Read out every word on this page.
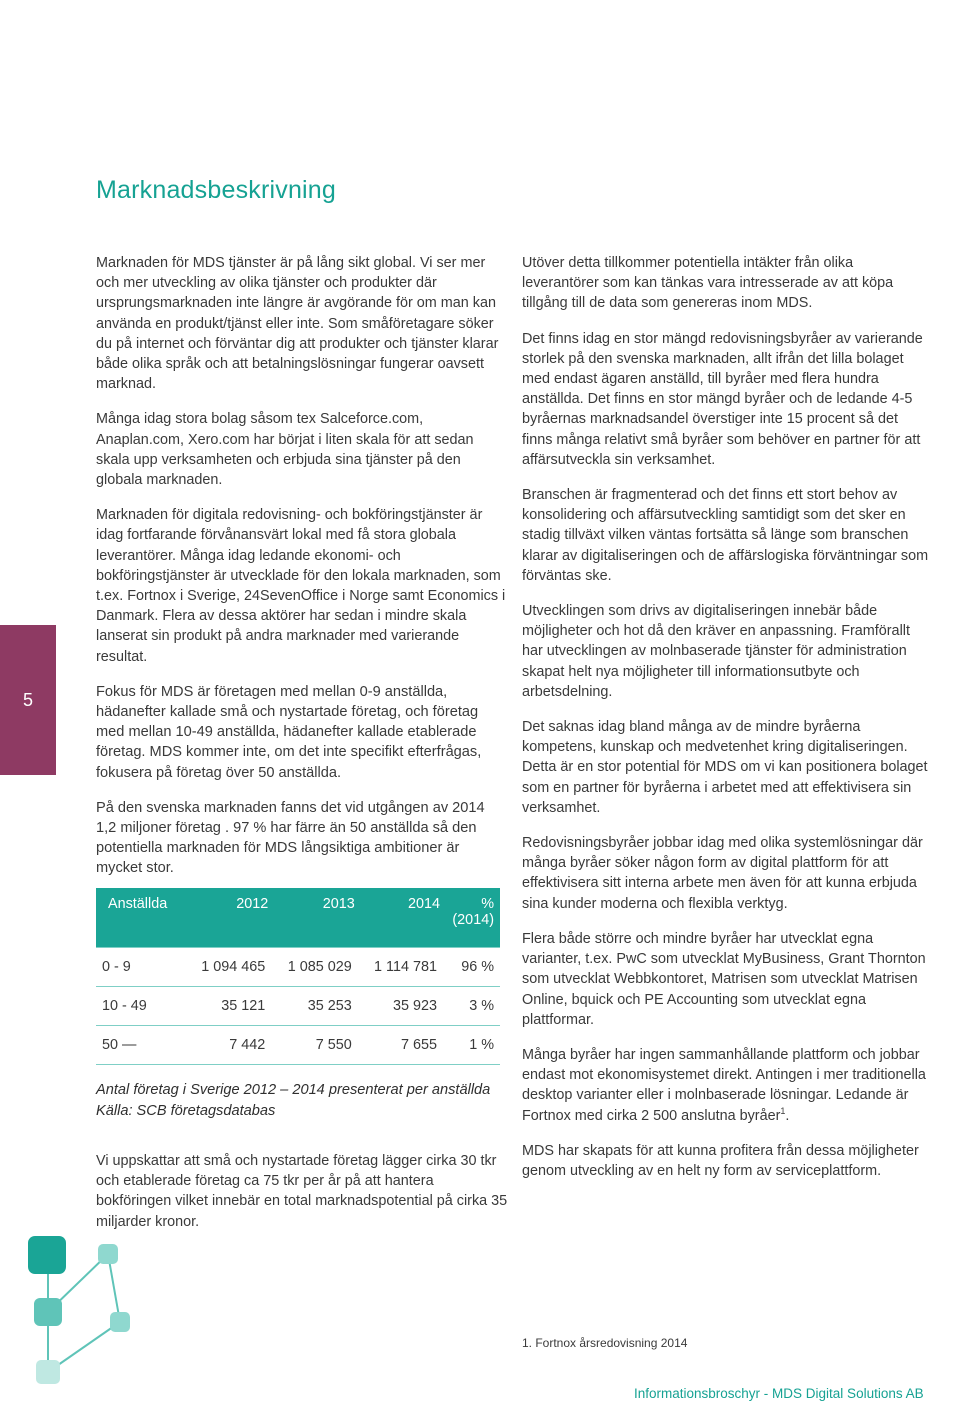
5
Marknadsbeskrivning

Marknaden för MDS tjänster är på lång sikt global. Vi ser mer och mer utveckling av olika tjänster och produkter där ursprungsmarknaden inte längre är avgörande för om man kan använda en produkt/tjänst eller inte. Som småföretagare söker du på internet och förväntar dig att produkter och tjänster klarar både olika språk och att betalningslösningar fungerar oavsett marknad.

Många idag stora bolag såsom tex Salceforce.com, Anaplan.com, Xero.com har börjat i liten skala för att sedan skala upp verksamheten och erbjuda sina tjänster på den globala marknaden.

Marknaden för digitala redovisning- och bokföringstjänster är idag fortfarande förvånansvärt lokal med få stora globala leverantörer. Många idag ledande ekonomi- och bokföringstjänster är utvecklade för den lokala marknaden, som t.ex. Fortnox i Sverige, 24SevenOffice i Norge samt Economics i Danmark. Flera av dessa aktörer har sedan i mindre skala lanserat sin produkt på andra marknader med varierande resultat.

Fokus för MDS är företagen med mellan 0-9 anställda, hädanefter kallade små och nystartade företag, och företag med mellan 10-49 anställda, hädanefter kallade etablerade företag. MDS kommer inte, om det inte specifikt efterfrågas, fokusera på företag över 50 anställda.

På den svenska marknaden fanns det vid utgången av 2014 1,2 miljoner företag . 97 % har färre än 50 anställda så den potentiella marknaden för MDS långsiktiga ambitioner är mycket stor.

Anställda	2012	2013	2014	% (2014)
0 - 9	1 094 465	1 085 029	1 114 781	96 %
10 - 49	35 121	35 253	35 923	3 %
50 —	7 442	7 550	7 655	1 %
Antal företag i Sverige 2012 – 2014 presenterat per anställda
Källa: SCB företagsdatabas

Vi uppskattar att små och nystartade företag lägger cirka 30 tkr och etablerade företag ca 75 tkr per år på att hantera bokföringen vilket innebär en total marknadspotential på cirka 35 miljarder kronor.

Utöver detta tillkommer potentiella intäkter från olika leverantörer som kan tänkas vara intresserade av att köpa tillgång till de data som genereras inom MDS.

Det finns idag en stor mängd redovisningsbyråer av varierande storlek på den svenska marknaden, allt ifrån det lilla bolaget med endast ägaren anställd, till byråer med flera hundra anställda. Det finns en stor mängd byråer och de ledande 4-5 byråernas marknadsandel överstiger inte 15 procent så det finns många relativt små byråer som behöver en partner för att affärsutveckla sin verksamhet.

Branschen är fragmenterad och det finns ett stort behov av konsolidering och affärsutveckling samtidigt som det sker en stadig tillväxt vilken väntas fortsätta så länge som branschen klarar av digitaliseringen och de affärslogiska förväntningar som förväntas ske.

Utvecklingen som drivs av digitaliseringen innebär både möjligheter och hot då den kräver en anpassning. Framförallt har utvecklingen av molnbaserade tjänster för administration skapat helt nya möjligheter till informationsutbyte och arbetsdelning.

Det saknas idag bland många av de mindre byråerna kompetens, kunskap och medvetenhet kring digitaliseringen. Detta är en stor potential för MDS om vi kan positionera bolaget som en partner för byråerna i arbetet med att effektivisera sin verksamhet.

Redovisningsbyråer jobbar idag med olika systemlösningar där många byråer söker någon form av digital plattform för att effektivisera sitt interna arbete men även för att kunna erbjuda sina kunder moderna och flexibla verktyg.

Flera både större och mindre byråer har utvecklat egna varianter, t.ex. PwC som utvecklat MyBusiness, Grant Thornton som utvecklat Webbkontoret, Matrisen som utvecklat Matrisen Online, bquick och PE Accounting som utvecklat egna plattformar.

Många byråer har ingen sammanhållande plattform och jobbar endast mot ekonomisystemet direkt. Antingen i mer traditionella desktop varianter eller i molnbaserade lösningar. Ledande är Fortnox med cirka 2 500 anslutna byråer$^1$.

MDS har skapats för att kunna profitera från dessa möjligheter genom utveckling av en helt ny form av serviceplattform.

1. Fortnox årsredovisning 2014
Informationsbroschyr - MDS Digital Solutions AB
